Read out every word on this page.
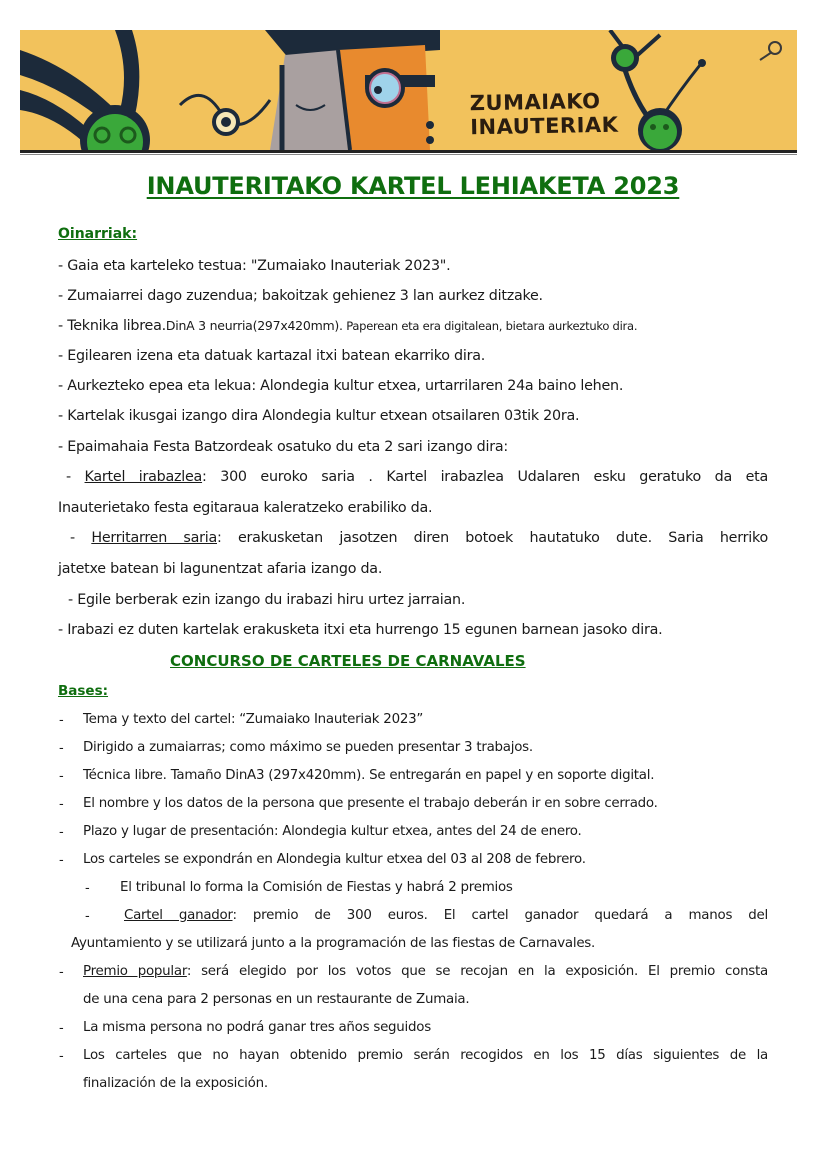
ZUMAIAKO
INAUTERIAK
INAUTERITAKO KARTEL LEHIAKETA 2023
Oinarriak:
- Gaia eta karteleko testua: "Zumaiako Inauteriak 2023".
- Zumaiarrei dago zuzendua; bakoitzak gehienez 3 lan aurkez ditzake.
- Teknika librea.DinA 3 neurria(297x420mm). Paperean eta era digitalean, bietara aurkeztuko dira.
- Egilearen izena eta datuak kartazal itxi batean ekarriko dira.
- Aurkezteko epea eta lekua: Alondegia kultur etxea, urtarrilaren 24a baino lehen.
- Kartelak ikusgai izango dira Alondegia kultur etxean otsailaren 03tik 20ra.
- Epaimahaia Festa Batzordeak osatuko du eta 2 sari izango dira:
- Kartel irabazlea: 300 euroko saria . Kartel irabazlea Udalaren esku geratuko da eta
Inauterietako festa egitaraua kaleratzeko erabiliko da.
- Herritarren saria: erakusketan jasotzen diren botoek hautatuko dute. Saria herriko
jatetxe batean bi lagunentzat afaria izango da.
- Egile berberak ezin izango du irabazi hiru urtez jarraian.
- Irabazi ez duten kartelak erakusketa itxi eta hurrengo 15 egunen barnean jasoko dira.
CONCURSO DE CARTELES DE CARNAVALES
Bases:
- Tema y texto del cartel: “Zumaiako Inauteriak 2023”
- Dirigido a zumaiarras; como máximo se pueden presentar 3 trabajos.
- Técnica libre. Tamaño DinA3 (297x420mm). Se entregarán en papel y en soporte digital.
- El nombre y los datos de la persona que presente el trabajo deberán ir en sobre cerrado.
- Plazo y lugar de presentación: Alondegia kultur etxea, antes del 24 de enero.
- Los carteles se expondrán en Alondegia kultur etxea del 03 al 208 de febrero.
- El tribunal lo forma la Comisión de Fiestas y habrá 2 premios
-	Cartel ganador: premio de 300 euros. El cartel ganador quedará a manos del
Ayuntamiento y se utilizará junto a la programación de las fiestas de Carnavales.
- Premio popular: será elegido por los votos que se recojan en la exposición. El premio consta
de una cena para 2 personas en un restaurante de Zumaia.
- La misma persona no podrá ganar tres años seguidos
- Los carteles que no hayan obtenido premio serán recogidos en los 15 días siguientes de la
finalización de la exposición.
